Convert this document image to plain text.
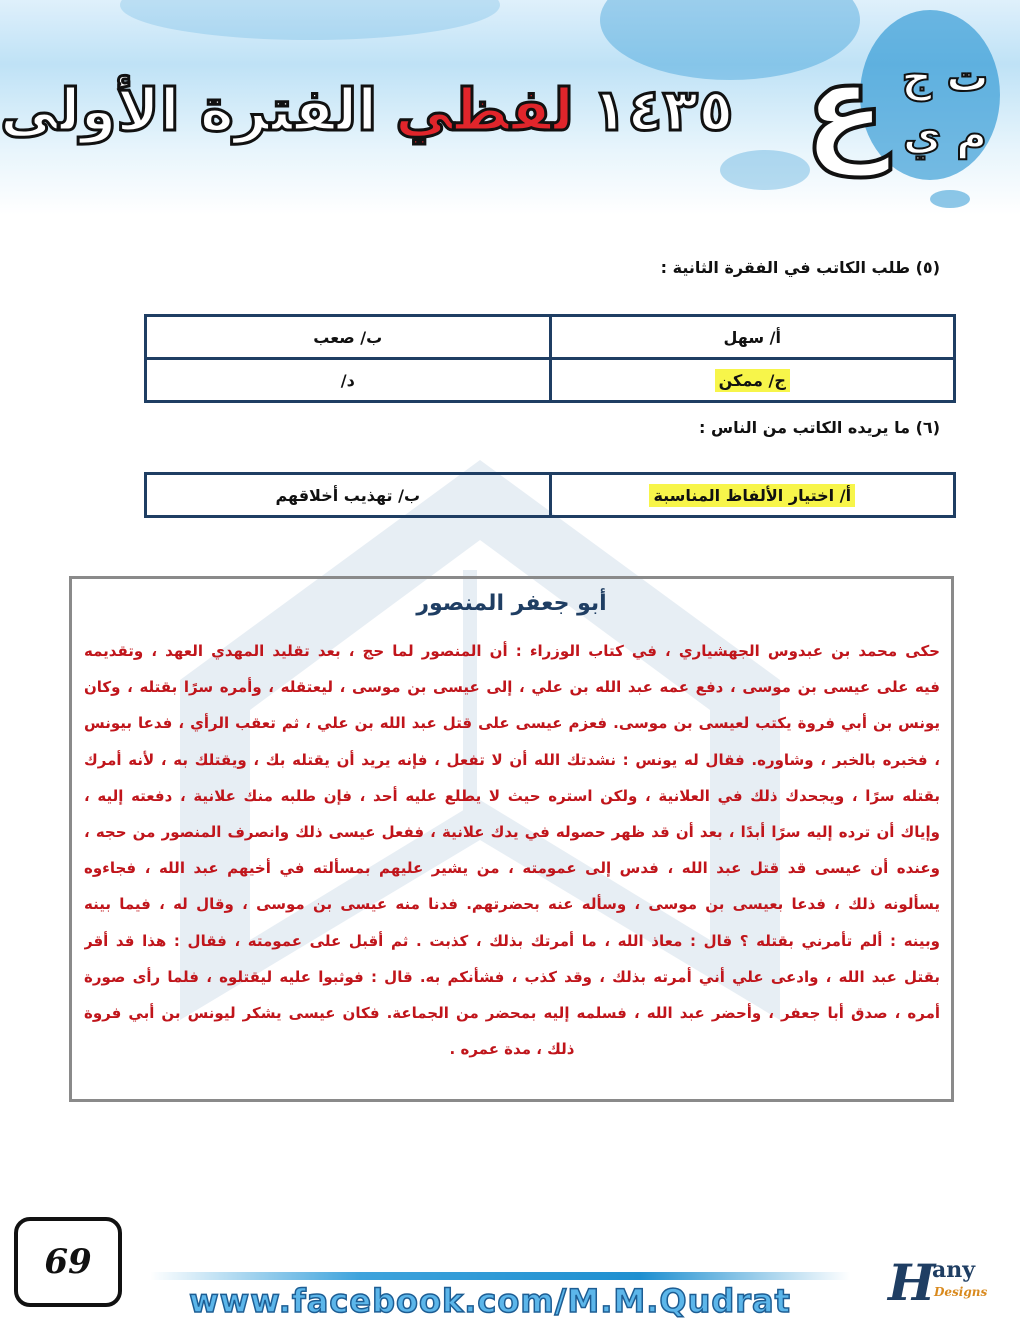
١٤٣٥
لفظي
الفترة الأولى	ع ت ج م ي
(٥) طلب الكاتب في الفقرة الثانية :
أ/ سهل	ب/ صعب
ج/ ممكن	د/
(٦) ما يريده الكاتب من الناس :
أ/ اختيار الألفاظ المناسبة	ب/ تهذيب أخلاقهم
أبو جعفر المنصور
حكى محمد بن عبدوس الجهشياري ، في كتاب الوزراء : أن المنصور لما حج ، بعد تقليد المهدي العهد ، وتقديمه
فيه على عيسى بن موسى ، دفع عمه عبد الله بن علي ، إلى عيسى بن موسى ، ليعتقله ، وأمره سرًا بقتله ، وكان
يونس بن أبي فروة يكتب لعيسى بن موسى. فعزم عيسى على قتل عبد الله بن علي ، ثم تعقب الرأي ، فدعا بيونس
، فخبره بالخبر ، وشاوره. فقال له يونس : نشدتك الله أن لا تفعل ، فإنه يريد أن يقتله بك ، ويقتلك به ، لأنه أمرك
بقتله سرًا ، ويجحدك ذلك في العلانية ، ولكن استره حيث لا يطلع عليه أحد ، فإن طلبه منك علانية ، دفعته إليه ،
وإياك أن ترده إليه سرًا أبدًا ، بعد أن قد ظهر حصوله في يدك علانية ، ففعل عيسى ذلك وانصرف المنصور من حجه ،
وعنده أن عيسى قد قتل عبد الله ، فدس إلى عمومته ، من يشير عليهم بمسألته في أخيهم عبد الله ، فجاءوه
يسألونه ذلك ، فدعا بعيسى بن موسى ، وسأله عنه بحضرتهم. فدنا منه عيسى بن موسى ، وقال له ، فيما بينه
وبينه : ألم تأمرني بقتله ؟ قال : معاذ الله ، ما أمرتك بذلك ، كذبت . ثم أقبل على عمومته ، فقال : هذا قد أقر
بقتل عبد الله ، وادعى علي أني أمرته بذلك ، وقد كذب ، فشأنكم به. قال : فوثبوا عليه ليقتلوه ، فلما رأى صورة
أمره ، صدق أبا جعفر ، وأحضر عبد الله ، فسلمه إليه بمحضر من الجماعة. فكان عيسى يشكر ليونس بن أبي فروة
ذلك ، مدة عمره .
69
www.facebook.com/M.M.Qudrat H
any
Designs
